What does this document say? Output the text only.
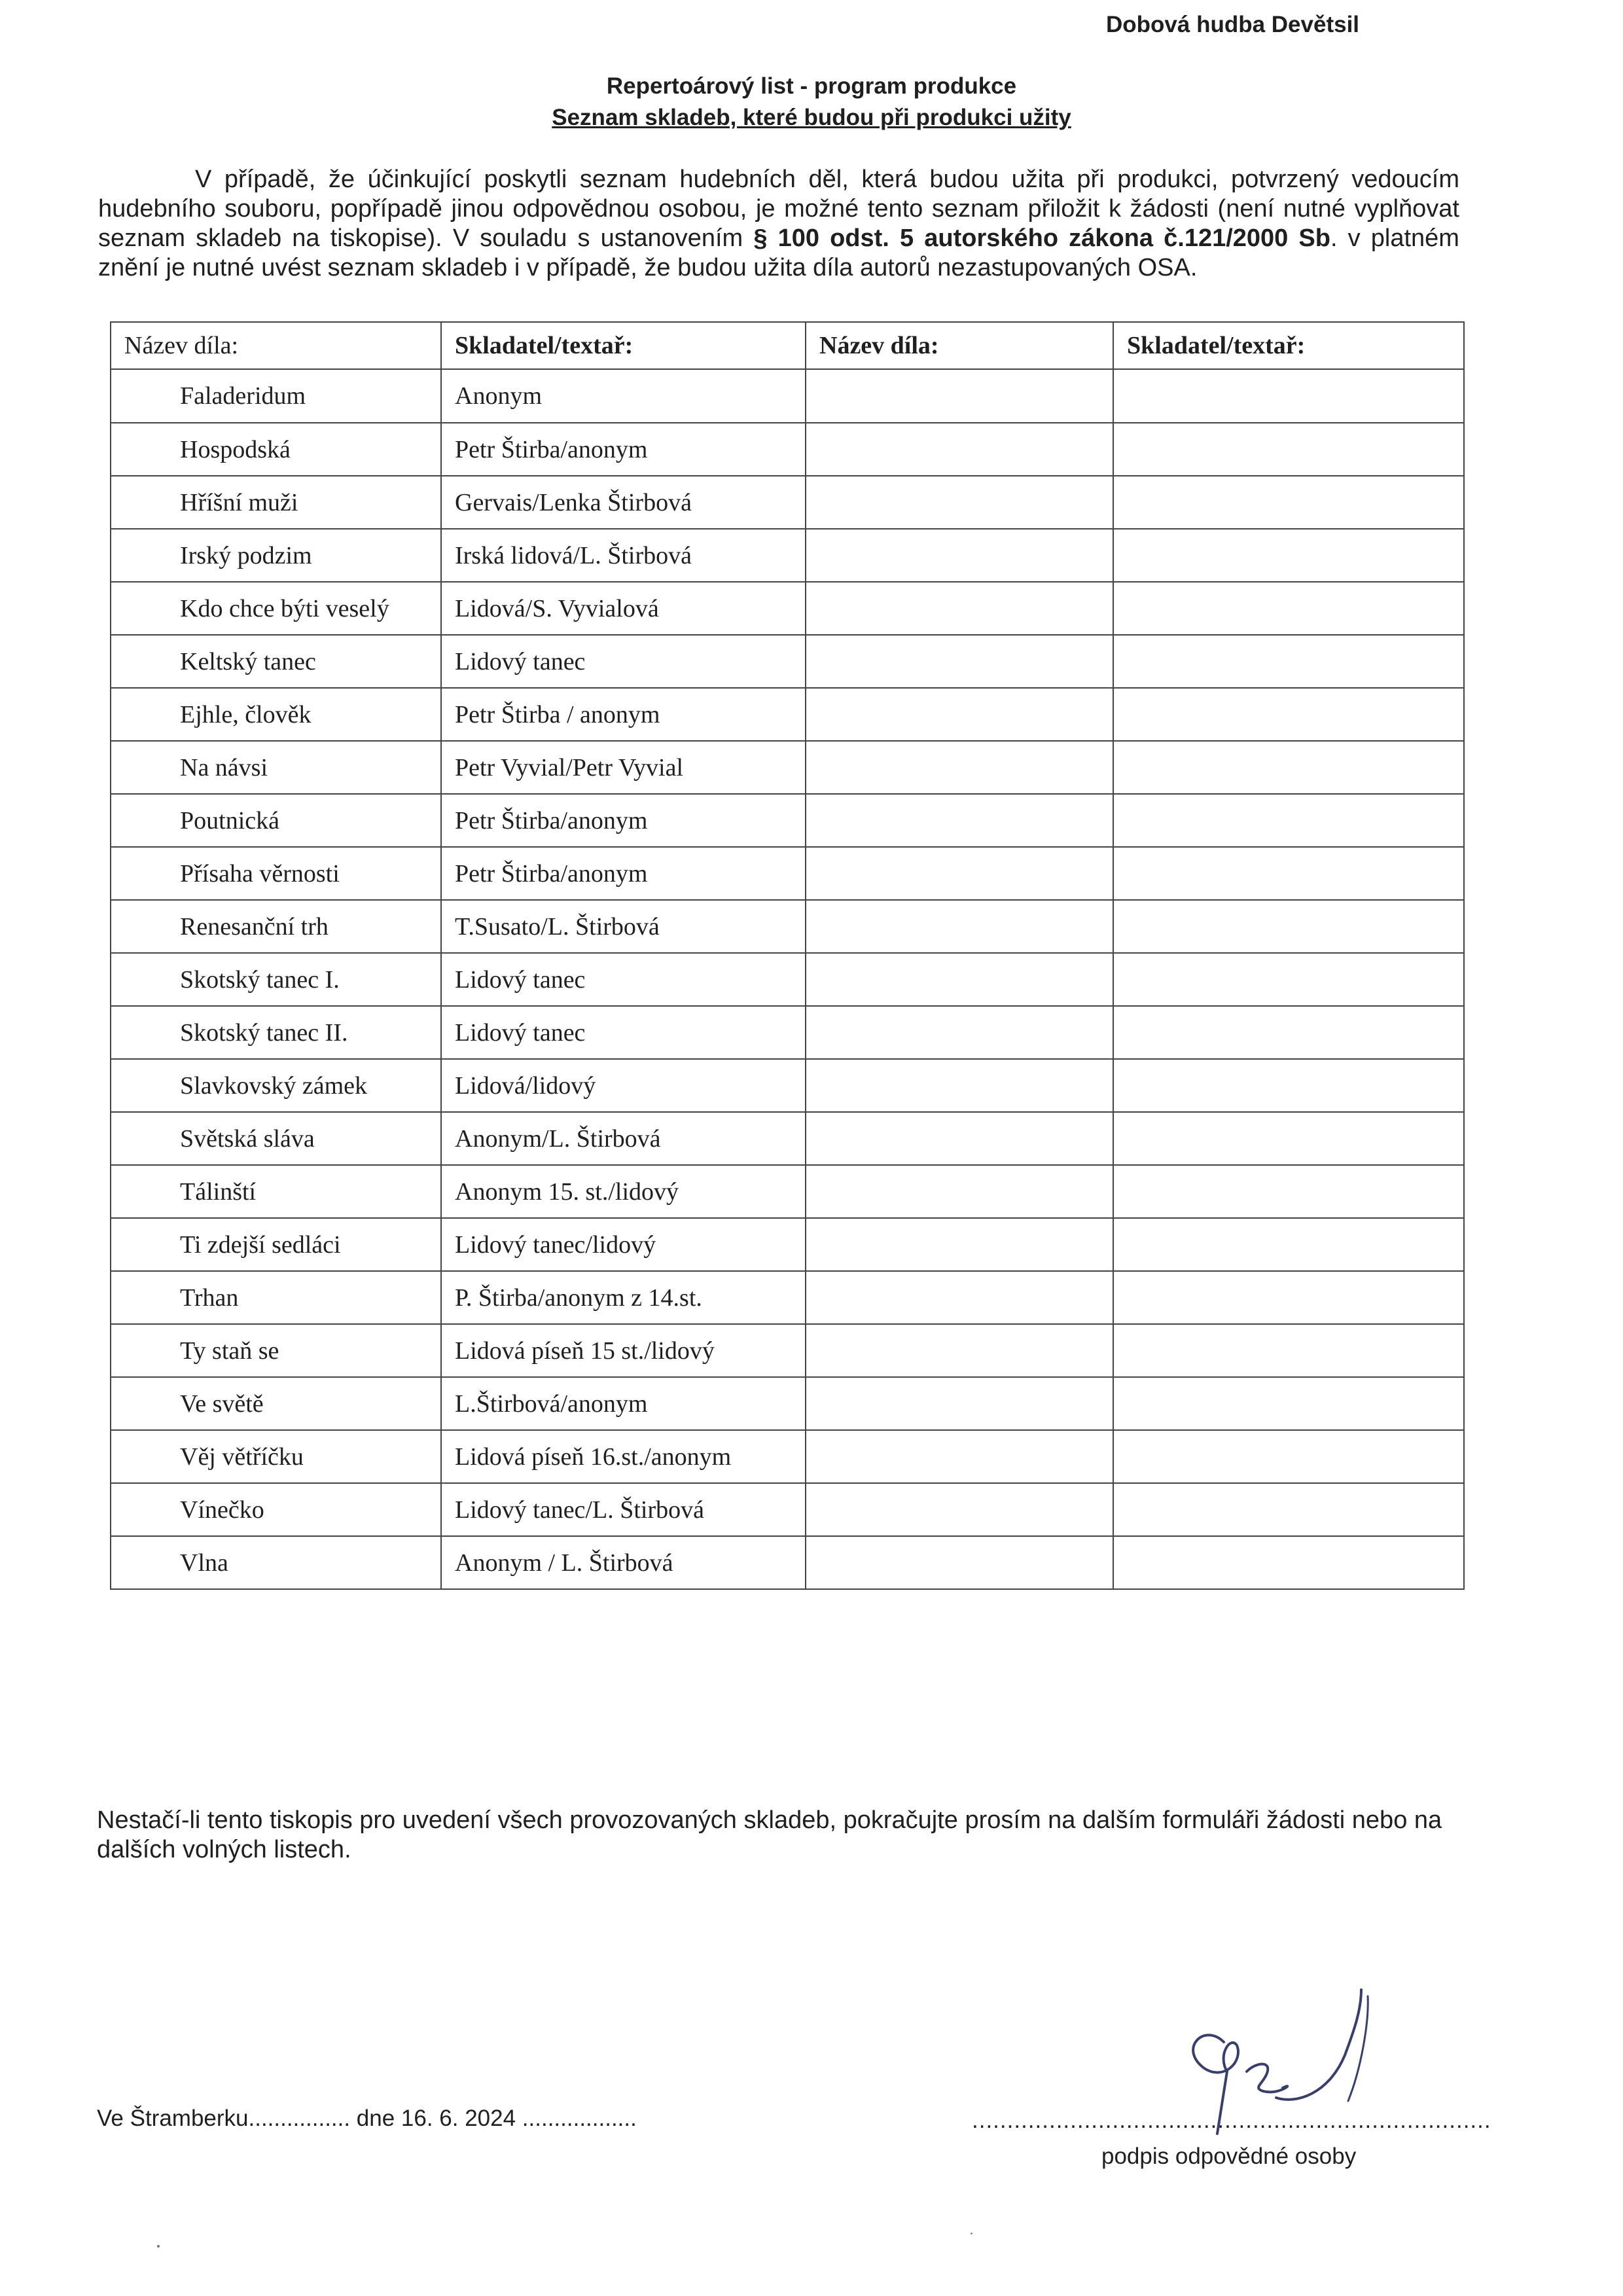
Dobová hudba Devětsil
Repertoárový list - program produkce
Seznam skladeb, které budou při produkci užity
V případě, že účinkující poskytli seznam hudebních děl, která budou užita při produkci, potvrzený vedoucím hudebního souboru, popřípadě jinou odpovědnou osobou, je možné tento seznam přiložit k žádosti (není nutné vyplňovat seznam skladeb na tiskopise). V souladu s ustanovením § 100 odst. 5 autorského zákona č.121/2000 Sb. v platném znění je nutné uvést seznam skladeb i v případě, že budou užita díla autorů nezastupovaných OSA.
Název díla:	Skladatel/textař:	Název díla:	Skladatel/textař:
Faladeridum	Anonym		
Hospodská	Petr Štirba/anonym		
Hříšní muži	Gervais/Lenka Štirbová		
Irský podzim	Irská lidová/L. Štirbová		
Kdo chce býti veselý	Lidová/S. Vyvialová		
Keltský tanec	Lidový tanec		
Ejhle, člověk	Petr Štirba / anonym		
Na návsi	Petr Vyvial/Petr Vyvial		
Poutnická	Petr Štirba/anonym		
Přísaha věrnosti	Petr Štirba/anonym		
Renesanční trh	T.Susato/L. Štirbová		
Skotský tanec I.	Lidový tanec		
Skotský tanec II.	Lidový tanec		
Slavkovský zámek	Lidová/lidový		
Světská sláva	Anonym/L. Štirbová		
Tálinští	Anonym 15. st./lidový		
Ti zdejší sedláci	Lidový tanec/lidový		
Trhan	P. Štirba/anonym z 14.st.		
Ty staň se	Lidová píseň 15 st./lidový		
Ve světě	L.Štirbová/anonym		
Věj větříčku	Lidová píseň 16.st./anonym		
Vínečko	Lidový tanec/L. Štirbová		
Vlna	Anonym / L. Štirbová		
Nestačí-li tento tiskopis pro uvedení všech provozovaných skladeb, pokračujte prosím na dalším formuláři žádosti nebo na dalších volných listech.
Ve Štramberku................ dne 16. 6. 2024 ..................	..........................................................................
podpis odpovědné osoby
